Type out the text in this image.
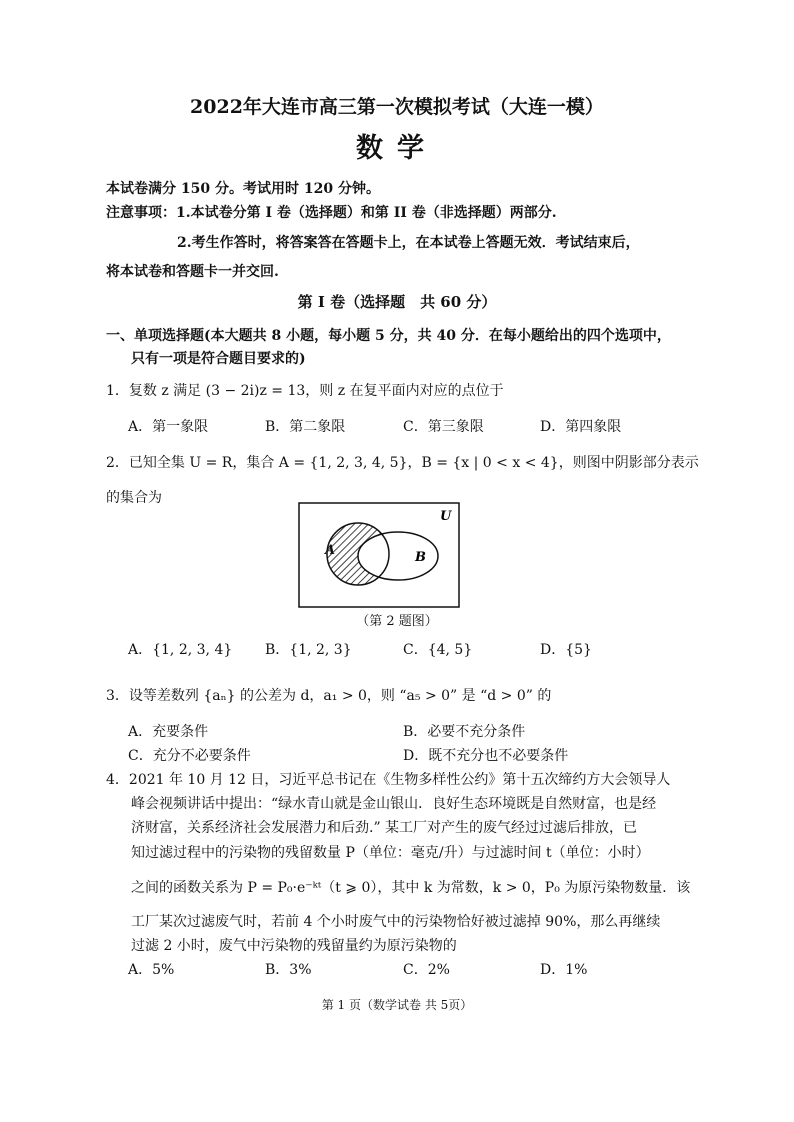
2022年大连市高三第一次模拟考试（大连一模）
数学
本试卷满分 150 分。考试用时 120 分钟。
注意事项：1.本试卷分第 I 卷（选择题）和第 II 卷（非选择题）两部分.
2.考生作答时，将答案答在答题卡上，在本试卷上答题无效．考试结束后，
将本试卷和答题卡一并交回.
第 I 卷（选择题　共 60 分）
一、单项选择题(本大题共 8 小题，每小题 5 分，共 40 分．在每小题给出的四个选项中，
只有一项是符合题目要求的)
1．复数 z 满足 (3 − 2i)z = 13，则 z 在复平面内对应的点位于
A．第一象限	B．第二象限	C．第三象限	D．第四象限
2．已知全集 U = R，集合 A = {1, 2, 3, 4, 5}，B = {x | 0 < x < 4}，则图中阴影部分表示
的集合为
U
A	B
（第 2 题图）
A．{1, 2, 3, 4} B．{1, 2, 3}	C．{4, 5}	D．{5}
3．设等差数列 {aₙ} 的公差为 d，a₁ > 0，则 “a₅ > 0” 是 “d > 0” 的
A．充要条件	B．必要不充分条件
C．充分不必要条件	D．既不充分也不必要条件
4．2021 年 10 月 12 日，习近平总书记在《生物多样性公约》第十五次缔约方大会领导人
峰会视频讲话中提出：“绿水青山就是金山银山．良好生态环境既是自然财富，也是经
济财富，关系经济社会发展潜力和后劲.” 某工厂对产生的废气经过过滤后排放，已
知过滤过程中的污染物的残留数量 P（单位：毫克/升）与过滤时间 t（单位：小时）
之间的函数关系为 P = P₀·e⁻ᵏᵗ（t ⩾ 0），其中 k 为常数，k > 0，P₀ 为原污染物数量．该
工厂某次过滤废气时，若前 4 个小时废气中的污染物恰好被过滤掉 90%，那么再继续
过滤 2 小时，废气中污染物的残留量约为原污染物的
A．5%	B．3%	C．2%	D．1%
第 1 页（数学试卷 共 5页）
